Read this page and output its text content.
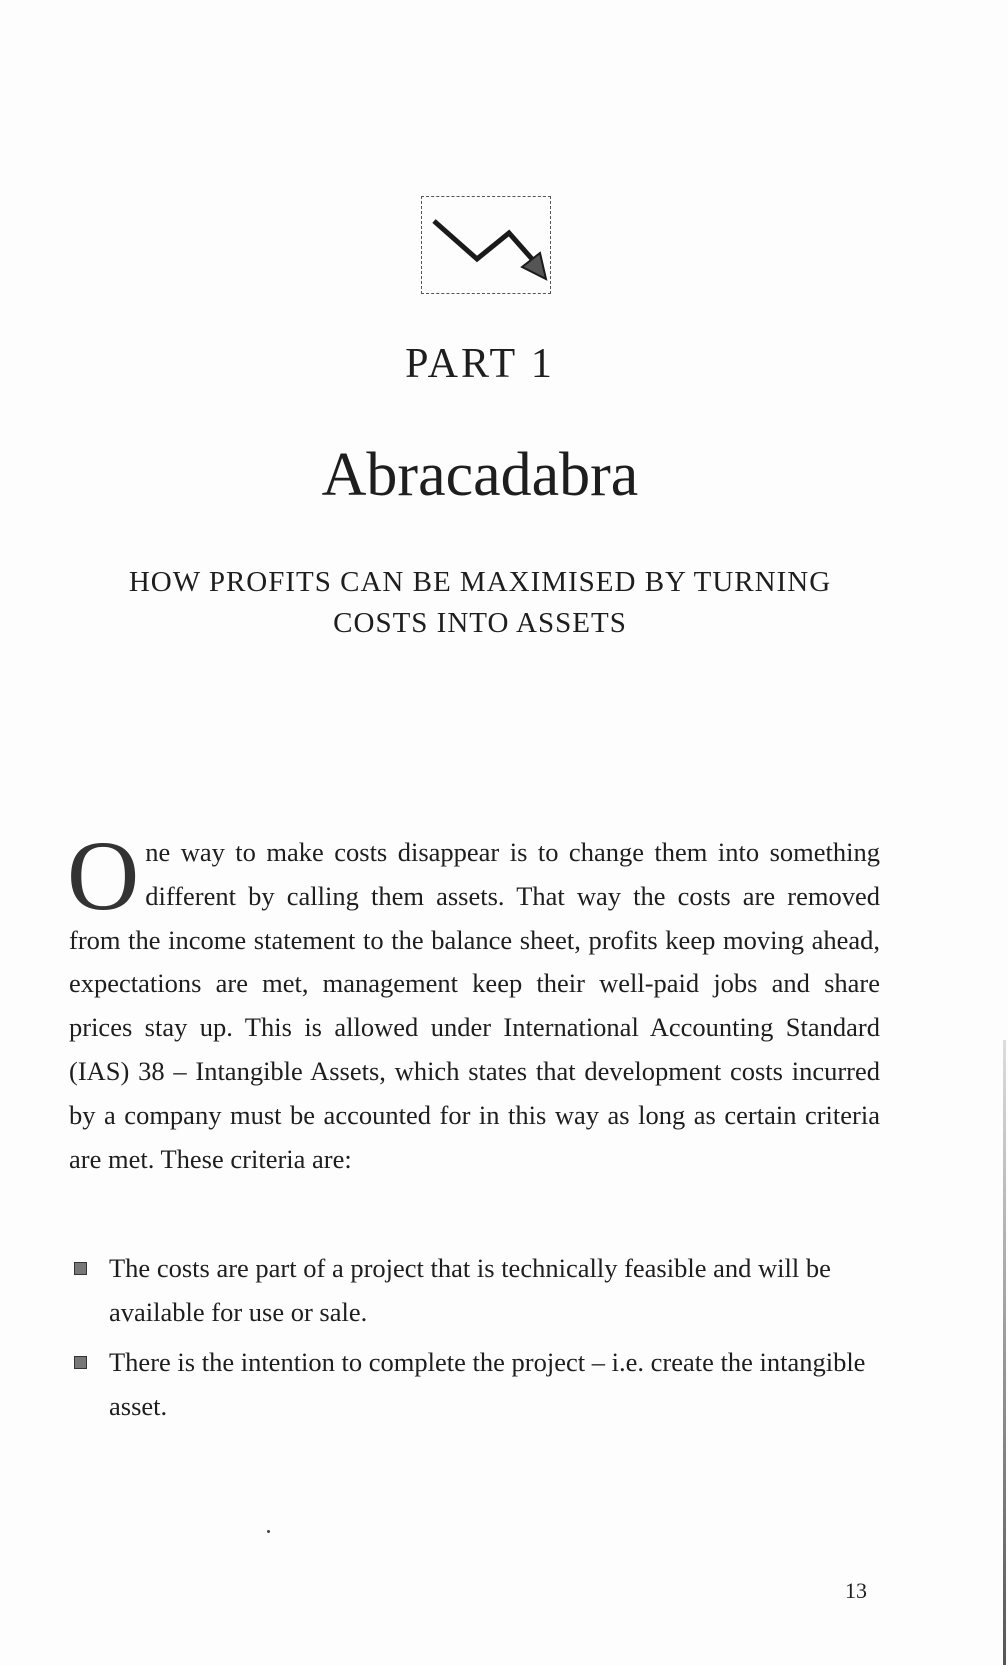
PART 1
Abracadabra
HOW PROFITS CAN BE MAXIMISED BY TURNING
COSTS INTO ASSETS
One way to make costs disappear is to change them into something different by calling them assets. That way the costs are removed from the income statement to the balance sheet, profits keep moving ahead, expectations are met, management keep their well-paid jobs and share prices stay up. This is allowed under International Accounting Standard (IAS) 38 – Intangible Assets, which states that development costs incurred by a company must be accounted for in this way as long as certain criteria are met. These criteria are:
The costs are part of a project that is technically feasible and will be available for use or sale.
There is the intention to complete the project – i.e. create the intangible asset.
13
